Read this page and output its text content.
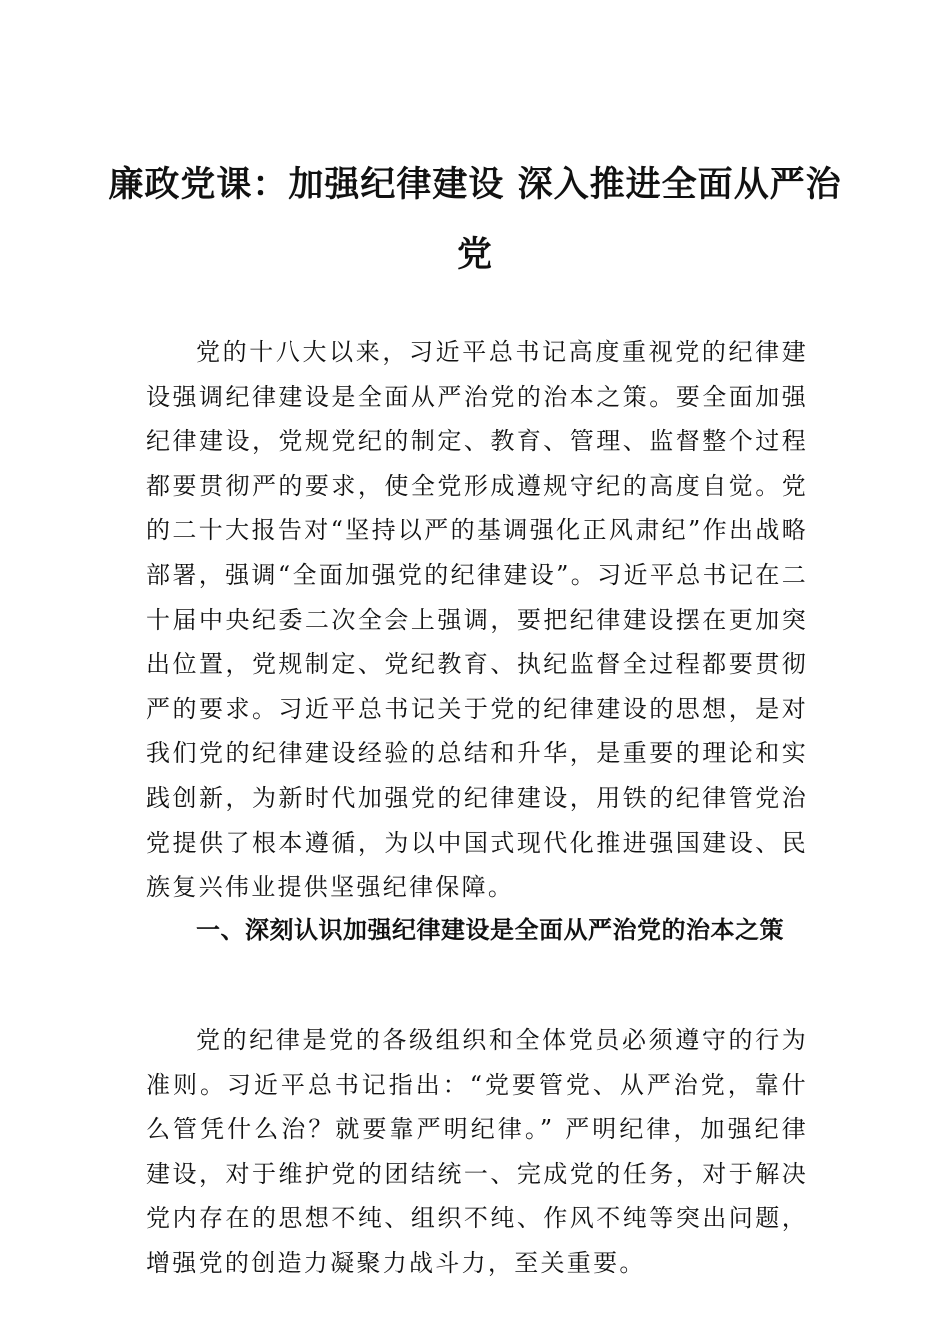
廉政党课：加强纪律建设 深入推进全面从严治党

党的十八大以来，习近平总书记高度重视党的纪律建设强调纪律建设是全面从严治党的治本之策。要全面加强纪律建设，党规党纪的制定、教育、管理、监督整个过程都要贯彻严的要求，使全党形成遵规守纪的高度自觉。党的二十大报告对“坚持以严的基调强化正风肃纪”作出战略部署，强调“全面加强党的纪律建设”。习近平总书记在二十届中央纪委二次全会上强调，要把纪律建设摆在更加突出位置，党规制定、党纪教育、执纪监督全过程都要贯彻严的要求。习近平总书记关于党的纪律建设的思想，是对我们党的纪律建设经验的总结和升华，是重要的理论和实践创新，为新时代加强党的纪律建设，用铁的纪律管党治党提供了根本遵循，为以中国式现代化推进强国建设、民族复兴伟业提供坚强纪律保障。

一、深刻认识加强纪律建设是全面从严治党的治本之策

党的纪律是党的各级组织和全体党员必须遵守的行为准则。习近平总书记指出：“党要管党、从严治党，靠什么管凭什么治？就要靠严明纪律。” 严明纪律，加强纪律建设，对于维护党的团结统一、完成党的任务，对于解决党内存在的思想不纯、组织不纯、作风不纯等突出问题，增强党的创造力凝聚力战斗力，至关重要。
